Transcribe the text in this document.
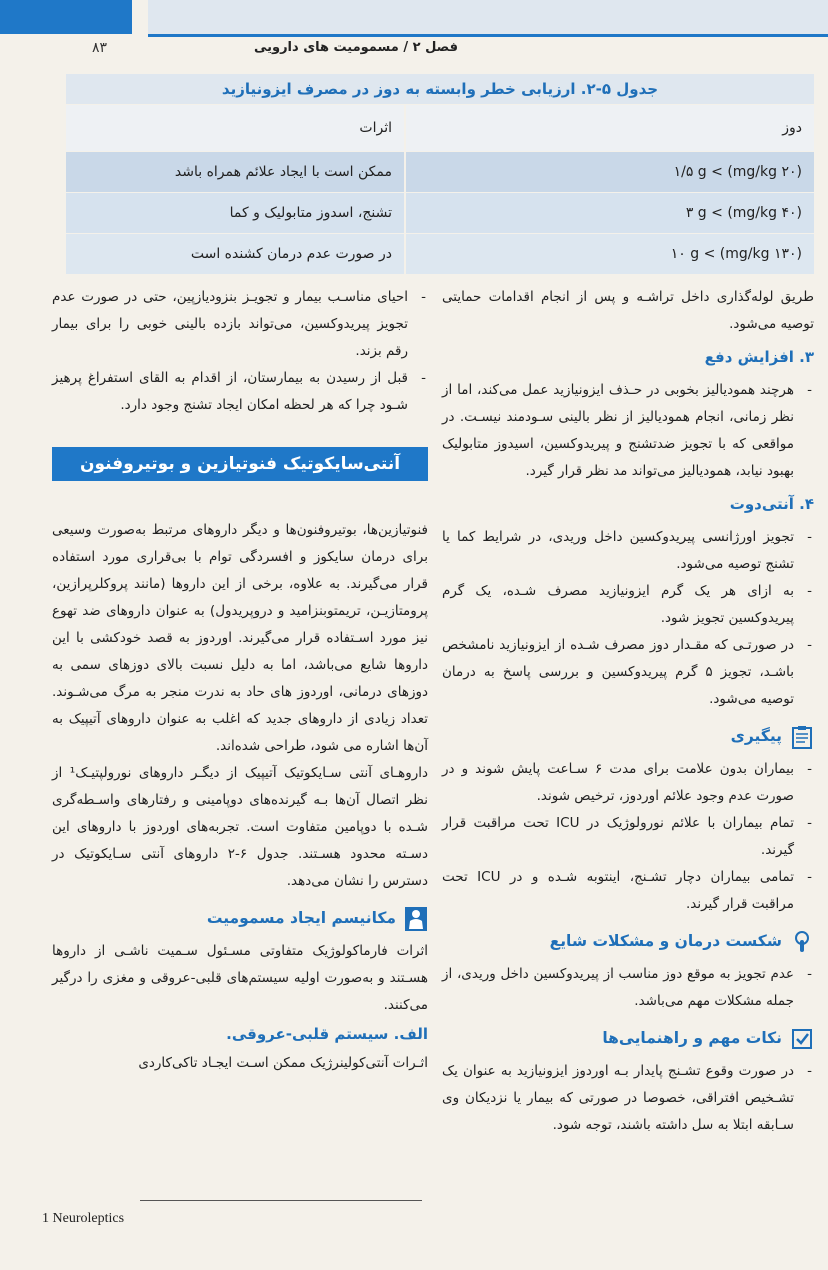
۸۳	فصل ۲ / مسمومیت های دارویی
جدول ۵-۲. ارزیابی خطر وابسته به دوز در مصرف ایزونیازید
دوز
اثرات
(۲۰ mg/kg) > ۱/۵ g
ممکن است با ایجاد علائم همراه باشد
(۴۰ mg/kg) > ۳ g
تشنج، اسدوز متابولیک و کما
(۱۳۰ mg/kg) > ۱۰ g
در صورت عدم درمان کشنده است

طریق لوله‌گذاری داخل تراشـه و پس از انجام اقدامات حمایتی توصیه می‌شود.

۳. افزایش دفع

- هرچند همودیالیز بخوبی در حـذف ایزونیازید عمل می‌کند، اما از نظر زمانی، انجام همودیالیز از نظر بالینی سـودمند نیسـت. در مواقعی که با تجویز ضدتشنج و پیریدوکسین، اسیدوز متابولیک بهبود نیابد، همودیالیز می‌تواند مد نظر قرار گیرد.

۴. آنتی‌دوت

- تجویز اورژانسی پیریدوکسین داخل وریدی، در شرایط کما یا تشنج توصیه می‌شود.

- به ازای هر یک گرم ایزونیازید مصرف شـده، یک گرم پیریدوکسین تجویز شود.

- در صورتـی که مقـدار دوز مصرف شـده از ایزونیازید نامشخص باشـد، تجویز ۵ گرم پیریدوکسین و بررسی پاسخ به درمان توصیه می‌شود.

پیگیری

- بیماران بدون علامت برای مدت ۶ سـاعت پایش شوند و در صورت عدم وجود علائم اوردوز، ترخیص شوند.

- تمام بیماران با علائم نورولوژیک در ICU تحت مراقبت قرار گیرند.

- تمامی بیماران دچار تشـنج، اینتوبه شـده و در ICU تحت مراقبت قرار گیرند.

شکست درمان و مشکلات شایع

- عدم تجویز به موقع دوز مناسب از پیریدوکسین داخل وریدی، از جمله مشکلات مهم می‌باشد.

نکات مهم و راهنمایی‌ها

- در صورت وقوع تشـنج پایدار بـه اوردوز ایزونیازید به عنوان یک تشـخیص افتراقی، خصوصا در صورتی که بیمار یا نزدیکان وی سـابقه ابتلا به سل داشته باشند، توجه شود.

- احیای مناسـب بیمار و تجویـز بنزودیازپین، حتی در صورت عدم تجویز پیریدوکسین، می‌تواند بازده بالینی خوبی را برای بیمار رقم بزند.

- قبل از رسیدن به بیمارستان، از اقدام به القای استفراغ پرهیز شـود چرا که هر لحظه امکان ایجاد تشنج وجود دارد.

آنتی‌سایکوتیک فنوتیازین و بوتیروفنون

فنوتیازین‌ها، بوتیروفنون‌ها و دیگر داروهای مرتبط به‌صورت وسیعی برای درمان سایکوز و افسردگی توام با بی‌قراری مورد استفاده قرار می‌گیرند. به علاوه، برخی از این داروها (مانند پروکلرپرازین، پرومتازیـن، تریمتوبنزامید و دروپریدول) به عنوان داروهای ضد تهوع نیز مورد اسـتفاده قرار می‌گیرند. اوردوز به قصد خودکشی با این داروها شایع می‌باشد، اما به دلیل نسبت بالای دوزهای سمی به دوزهای درمانی، اوردوز های حاد به ندرت منجر به مرگ می‌شـوند. تعداد زیادی از داروهای جدید که اغلب به عنوان داروهای آتیپیک به آن‌ها اشاره می شود، طراحی شده‌اند.

داروهـای آنتی سـایکوتیک آتیپیک از دیگـر داروهای نورولپتیـک¹ از نظر اتصال آن‌ها بـه گیرنده‌های دوپامینی و رفتارهای واسـطه‌گری شـده با دوپامین متفاوت است. تجربه‌های اوردوز با داروهای این دسـته محدود هسـتند. جدول ۶-۲ داروهای آنتی سـایکوتیک در دسترس را نشان می‌دهد.

مکانیسم ایجاد مسمومیت

اثرات فارماکولوژیک متفاوتی مسـئول سـمیت ناشـی از داروها هسـتند و به‌صورت اولیه سیستم‌های قلبی-عروقی و مغزی را درگیر می‌کنند.

الف. سیستم قلبی-عروقی.

اثـرات آنتی‌کولینرژیک ممکن اسـت ایجـاد تاکی‌کاردی

1 Neuroleptics
